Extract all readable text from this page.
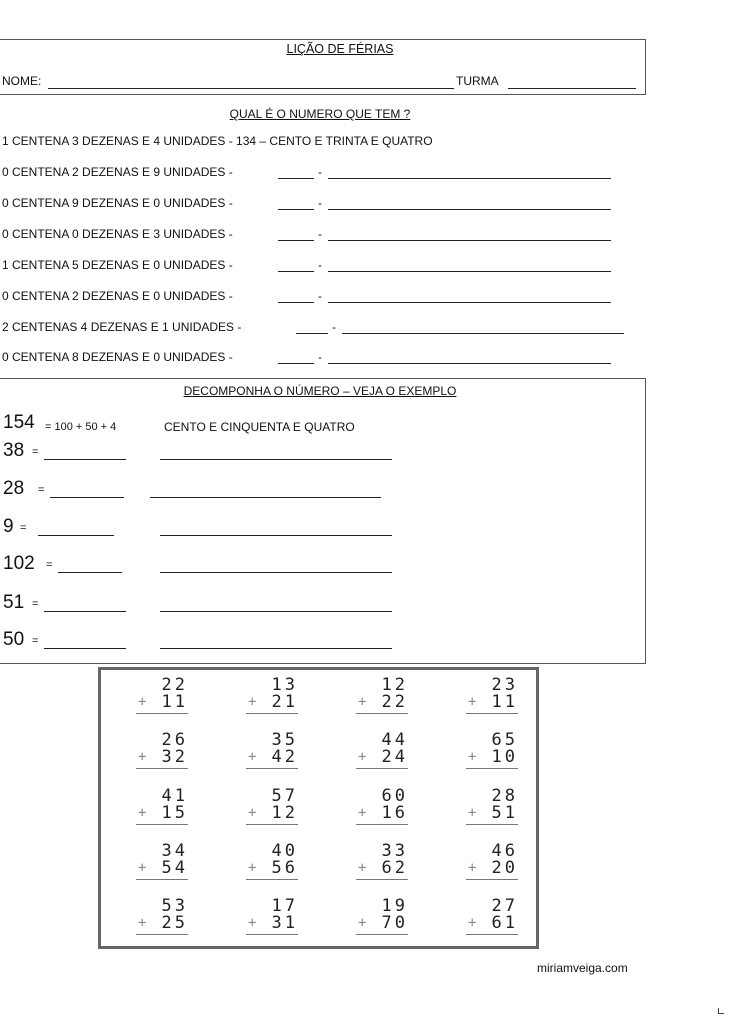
LIÇÃO DE FÉRIAS
NOME:	TURMA
QUAL É O NUMERO QUE TEM ?
1 CENTENA 3 DEZENAS E 4 UNIDADES - 134 – CENTO E TRINTA E QUATRO
0 CENTENA 2 DEZENAS E 9 UNIDADES -	-
0 CENTENA 9 DEZENAS E 0 UNIDADES -	-
0 CENTENA 0 DEZENAS E 3 UNIDADES -	-
1 CENTENA 5 DEZENAS E 0 UNIDADES -	-
0 CENTENA 2 DEZENAS E 0 UNIDADES -	-
2 CENTENAS 4 DEZENAS E 1 UNIDADES -	-
0 CENTENA 8 DEZENAS E 0 UNIDADES -	-
DECOMPONHA O NÚMERO – VEJA O EXEMPLO
154 = 100 + 50 + 4	CENTO E CINQUENTA E QUATRO
38 =
28 =
9 =
102 =
51 =
50 =
22
+ 11
13
+ 21
12
+ 22
23
+ 11
26
+ 32
35
+ 42
44
+ 24
65
+ 10
41
+ 15
57
+ 12
60
+ 16
28
+ 51
34
+ 54
40
+ 56
33
+ 62
46
+ 20
53
+ 25
17
+ 31
19
+ 70
27
+ 61
miriamveiga.com
